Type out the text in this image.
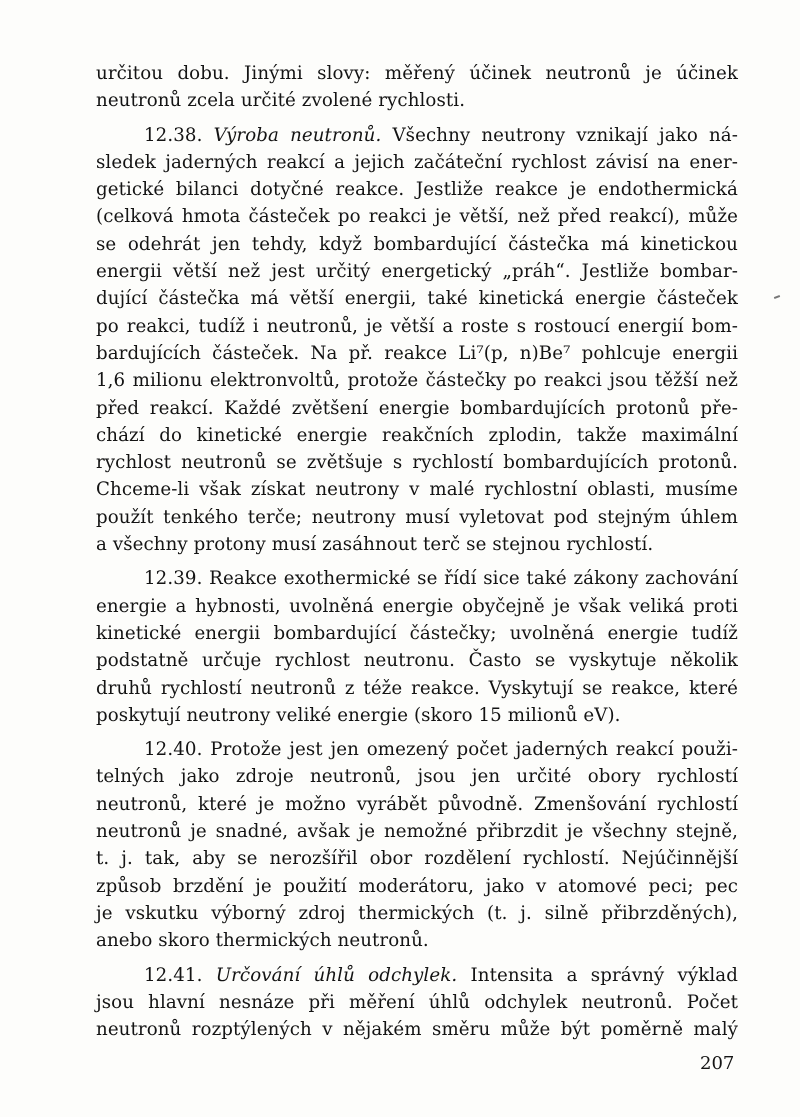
určitou dobu. Jinými slovy: měřený účinek neutronů je účinek
neutronů zcela určité zvolené rychlosti.
12.38. Výroba neutronů. Všechny neutrony vznikají jako ná-
sledek jaderných reakcí a jejich začáteční rychlost závisí na ener-
getické bilanci dotyčné reakce. Jestliže reakce je endothermická
(celková hmota částeček po reakci je větší, než před reakcí), může
se odehrát jen tehdy, když bombardující částečka má kinetickou
energii větší než jest určitý energetický „práh“. Jestliže bombar-
dující částečka má větší energii, také kinetická energie částeček
po reakci, tudíž i neutronů, je větší a roste s rostoucí energií bom-
bardujících částeček. Na př. reakce Li⁷(p, n)Be⁷ pohlcuje energii
1,6 milionu elektronvoltů, protože částečky po reakci jsou těžší než
před reakcí. Každé zvětšení energie bombardujících protonů pře-
chází do kinetické energie reakčních zplodin, takže maximální
rychlost neutronů se zvětšuje s rychlostí bombardujících protonů.
Chceme-li však získat neutrony v malé rychlostní oblasti, musíme
použít tenkého terče; neutrony musí vyletovat pod stejným úhlem
a všechny protony musí zasáhnout terč se stejnou rychlostí.
12.39. Reakce exothermické se řídí sice také zákony zachování
energie a hybnosti, uvolněná energie obyčejně je však veliká proti
kinetické energii bombardující částečky; uvolněná energie tudíž
podstatně určuje rychlost neutronu. Často se vyskytuje několik
druhů rychlostí neutronů z téže reakce. Vyskytují se reakce, které
poskytují neutrony veliké energie (skoro 15 milionů eV).
12.40. Protože jest jen omezený počet jaderných reakcí použi-
telných jako zdroje neutronů, jsou jen určité obory rychlostí
neutronů, které je možno vyrábět původně. Zmenšování rychlostí
neutronů je snadné, avšak je nemožné přibrzdit je všechny stejně,
t. j. tak, aby se nerozšířil obor rozdělení rychlostí. Nejúčinnější
způsob brzdění je použití moderátoru, jako v atomové peci; pec
je vskutku výborný zdroj thermických (t. j. silně přibrzděných),
anebo skoro thermických neutronů.
12.41. Určování úhlů odchylek. Intensita a správný výklad
jsou hlavní nesnáze při měření úhlů odchylek neutronů. Počet
neutronů rozptýlených v nějakém směru může být poměrně malý
207
